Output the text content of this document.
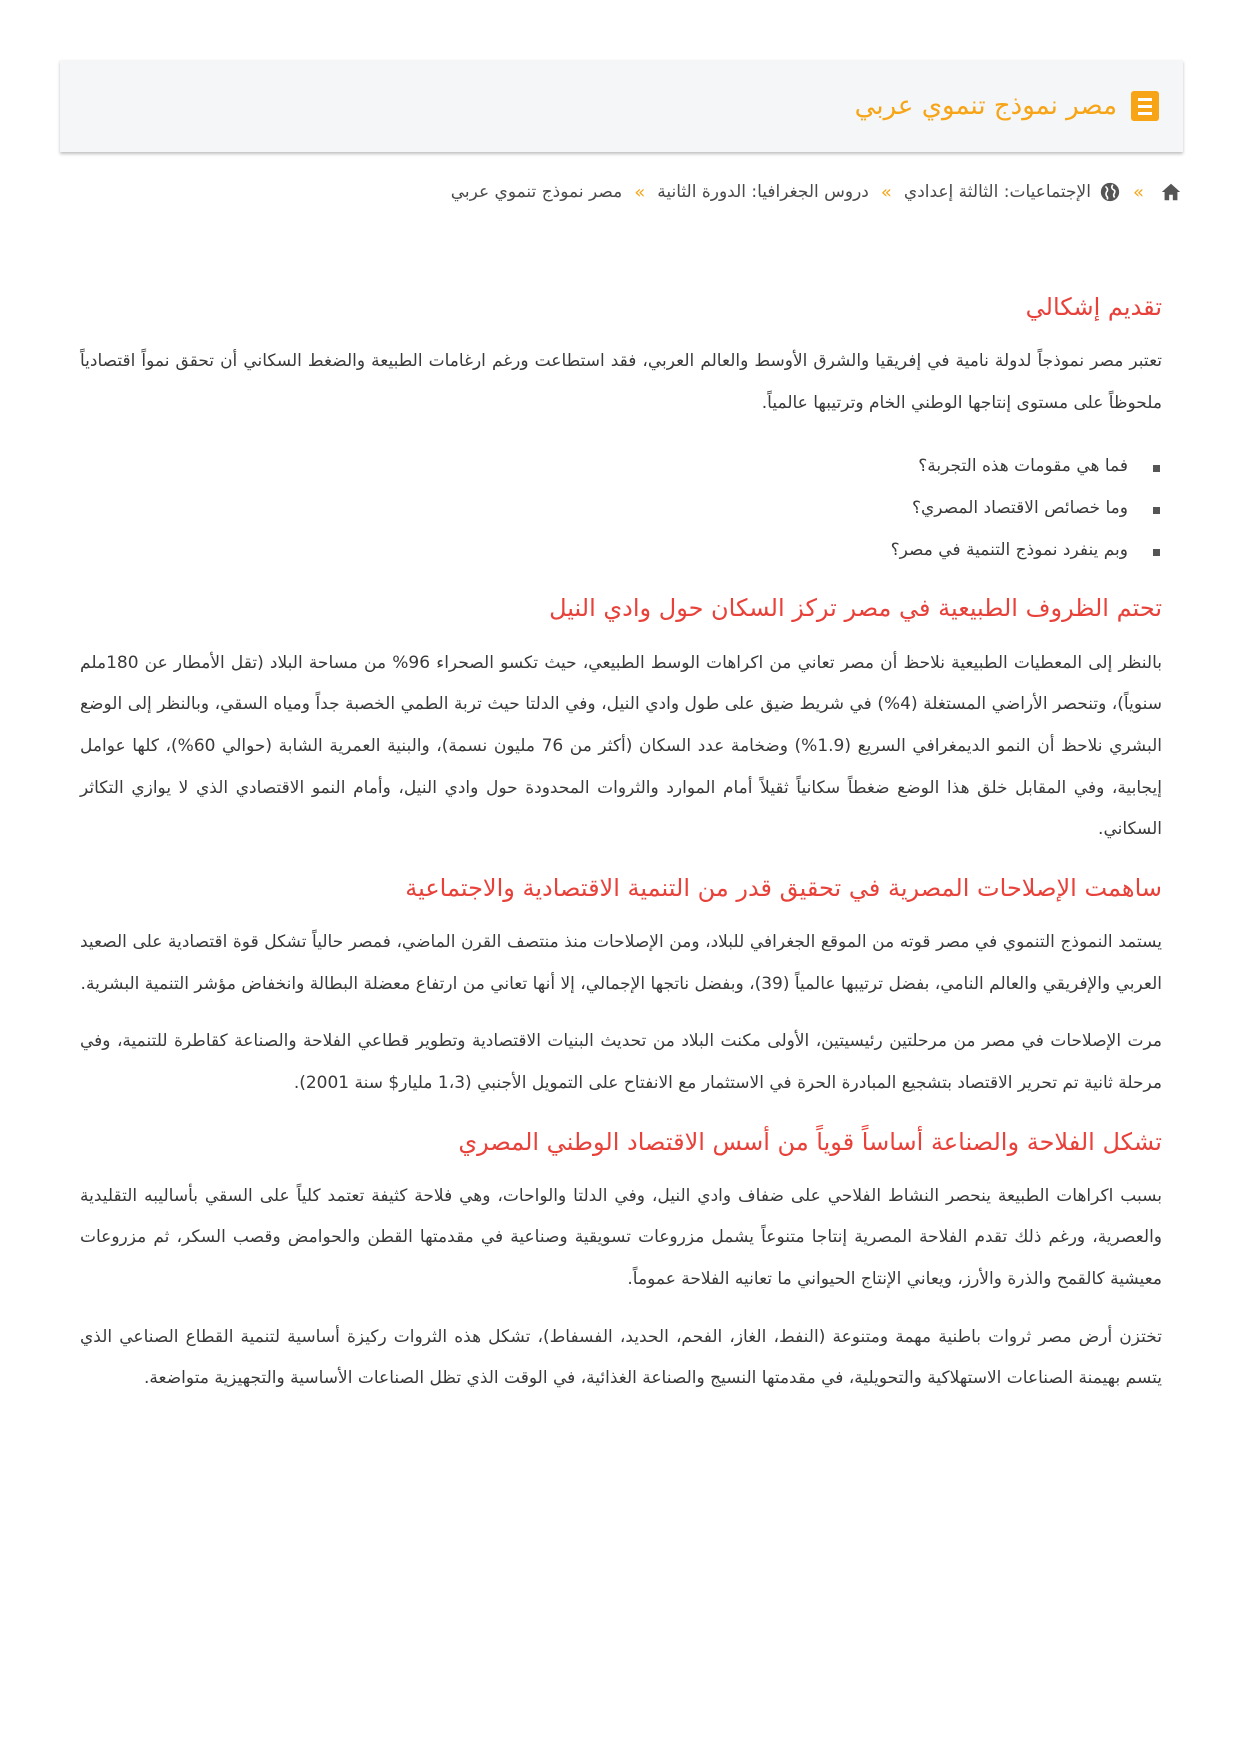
مصر نموذج تنموي عربي
»
الإجتماعيات: الثالثة إعدادي
»
دروس الجغرافيا: الدورة الثانية
»
مصر نموذج تنموي عربي
تقديم إشكالي

تعتبر مصر نموذجاً لدولة نامية في إفريقيا والشرق الأوسط والعالم العربي، فقد استطاعت ورغم ارغامات الطبيعة والضغط السكاني أن تحقق نمواً اقتصادياً ملحوظاً على مستوى إنتاجها الوطني الخام وترتيبها عالمياً.

فما هي مقومات هذه التجربة؟
وما خصائص الاقتصاد المصري؟
وبم ينفرد نموذج التنمية في مصر؟
تحتم الظروف الطبيعية في مصر تركز السكان حول وادي النيل

بالنظر إلى المعطيات الطبيعية نلاحظ أن مصر تعاني من اكراهات الوسط الطبيعي، حيث تكسو الصحراء 96% من مساحة البلاد (تقل الأمطار عن 180ملم سنوياً)، وتنحصر الأراضي المستغلة (4%) في شريط ضيق على طول وادي النيل، وفي الدلتا حيث تربة الطمي الخصبة جداً ومياه السقي، وبالنظر إلى الوضع البشري نلاحظ أن النمو الديمغرافي السريع (1.9%) وضخامة عدد السكان (أكثر من 76 مليون نسمة)، والبنية العمرية الشابة (حوالي 60%)، كلها عوامل إيجابية، وفي المقابل خلق هذا الوضع ضغطاً سكانياً ثقيلاً أمام الموارد والثروات المحدودة حول وادي النيل، وأمام النمو الاقتصادي الذي لا يوازي التكاثر السكاني.

ساهمت الإصلاحات المصرية في تحقيق قدر من التنمية الاقتصادية والاجتماعية

يستمد النموذج التنموي في مصر قوته من الموقع الجغرافي للبلاد، ومن الإصلاحات منذ منتصف القرن الماضي، فمصر حالياً تشكل قوة اقتصادية على الصعيد العربي والإفريقي والعالم النامي، بفضل ترتيبها عالمياً (39)، وبفضل ناتجها الإجمالي، إلا أنها تعاني من ارتفاع معضلة البطالة وانخفاض مؤشر التنمية البشرية.

مرت الإصلاحات في مصر من مرحلتين رئيسيتين، الأولى مكنت البلاد من تحديث البنيات الاقتصادية وتطوير قطاعي الفلاحة والصناعة كقاطرة للتنمية، وفي مرحلة ثانية تم تحرير الاقتصاد بتشجيع المبادرة الحرة في الاستثمار مع الانفتاح على التمويل الأجنبي (1،3 مليار$ سنة 2001).

تشكل الفلاحة والصناعة أساساً قوياً من أسس الاقتصاد الوطني المصري

بسبب اكراهات الطبيعة ينحصر النشاط الفلاحي على ضفاف وادي النيل، وفي الدلتا والواحات، وهي فلاحة كثيفة تعتمد كلياً على السقي بأساليبه التقليدية والعصرية، ورغم ذلك تقدم الفلاحة المصرية إنتاجا متنوعاً يشمل مزروعات تسويقية وصناعية في مقدمتها القطن والحوامض وقصب السكر، ثم مزروعات معيشية كالقمح والذرة والأرز، ويعاني الإنتاج الحيواني ما تعانيه الفلاحة عموماً.

تختزن أرض مصر ثروات باطنية مهمة ومتنوعة (النفط، الغاز، الفحم، الحديد، الفسفاط)، تشكل هذه الثروات ركيزة أساسية لتنمية القطاع الصناعي الذي يتسم بهيمنة الصناعات الاستهلاكية والتحويلية، في مقدمتها النسيج والصناعة الغذائية، في الوقت الذي تظل الصناعات الأساسية والتجهيزية متواضعة.
